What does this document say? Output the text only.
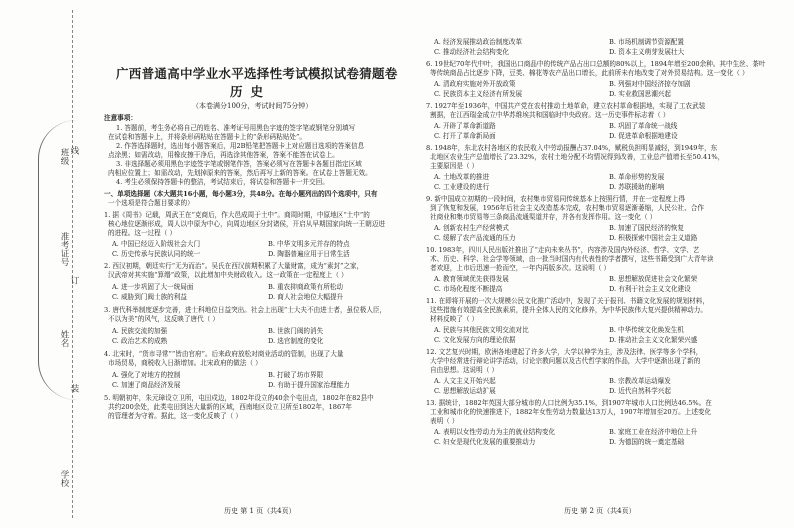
班级
准考证号
姓名
学校
线
订
装
广西普通高中学业水平选择性考试模拟试卷猜题卷
历史
（本卷满分100分，考试时间75分钟）
注意事项：
1. 答题前，考生务必将自己的姓名、准考证号用黑色字迹的签字笔或钢笔分别填写
在试卷和答题卡上，并将条形码粘贴在答题卡上的“条形码粘贴处”。
2. 作答选择题时，选出每小题答案后，用2B铅笔把答题卡上对应题目选项的答案信息
点涂黑；如需改动，用橡皮擦干净后，再选涂其他答案，答案不能答在试卷上。
3. 非选择题必须用黑色字迹签字笔或钢笔作答，答案必须写在答题卡各题目指定区域
内相应位置上；如需改动，先划掉原来的答案，然后再写上新的答案。在试卷上答题无效。
4. 考生必须保持答题卡的整洁，考试结束后，将试卷和答题卡一并交回。
一、单项选择题（本大题共16小题，每小题3分，共48分。在每小题列出的四个选项中，只有
一个选项是符合题目要求的）
1. 据《周书》记载，周武王在“克商后，作大邑成周于土中”。商周时期，中原地区“土中”的
核心地位逐渐形成，周人以中原为中心，向周边地区分封诸侯，开启从早期国家向统一王朝迈进
的进程。这一过程（ ）
A. 中国已经迈入阶级社会大门	B. 中华文明多元并存的特点
C. 历史传承与民族认同的统一	D. 陶器普遍应用于日常生活
2. 西汉初期，朝廷实行“无为而治”。吴氏在西汉前期积累了大量财富，成为“素封”之家，
汉武帝对其实施“算缗”政策，以此增加中央财政收入。这一政策在一定程度上（ ）
A. 进一步巩固了大一统局面	B. 重农抑商政策有所松动
C. 威胁到门阀士族的利益	D. 商人社会地位大幅提升
3. 唐代科举制度逐步完善，进士科地位日益突出。社会上出现“士大夫不由进士者，虽位极人臣，
不以为美”的风气，这反映了唐代（ ）
A. 民族交流的加强	B. 世族门阀的消失
C. 政治艺术的成熟	D. 选官制度的变化
4. 北宋时，“货市寻常”“皆由官府”。后来政府放松对商业活动的管制，出现了大量
市场贸易，商税收入日渐增加。北宋政府的做法（ ）
A. 强化了对地方的控制	B. 打破了坊市界限
C. 加速了商品经济发展	D. 有助于提升国家治理能力
5. 明朝初年，朱元璋设立卫所，屯田戍边，1802年设立的40余个屯田点，1802年在82县中
共约200余处，此类屯田到达大量新的区域，西南地区设立卫所至1802年，1867年
的管理者为守着。据此，这一变化反映了（ ）
历史 第 1 页（共4页）
A. 经济发展推动政治制度改革	B. 市场机制调节资源配置
C. 推动经济社会结构变化	D. 资本主义萌芽发展壮大
6. 19世纪70年代中叶，我国出口商品中的传统产品占出口总额的80%以上，1894年增至200余种。其中生丝、茶叶
等传统商品占比逐步下降，豆类、棉花等农产品出口增长，此前所未有地改变了对外贸易结构。这一变化（ ）
A. 清政府实施对外开放政策	B. 列强对中国经济掠夺加剧
C. 民族资本主义经济有所发展	D. 实业救国思潮兴起
7. 1927年至1936年，中国共产党在农村推动土地革命，建立农村革命根据地，实现了工农武装
割据，在江西瑞金成立中华苏维埃共和国临时中央政府。这一历史事件标志着（ ）
A. 开辟了革命新道路	B. 巩固了革命统一战线
C. 打开了革命新局面	D. 促进革命根据地建设
8. 1948年，东北农村各地区的农民收入中劳动报酬占37.04%，赋税负担明显减轻，到1949年，东
北地区农业生产总值增长了23.32%，农村土地分配不均情况得到改善，工业总产值增长至50.41%，
主要原因是（ ）
A. 土地改革的推进	B. 革命形势的发展
C. 工业建设的进行	D. 苏联援助的影响
9. 新中国成立初期的一段时间，农村集市贸易同传统基本上按照行情，并在一定程度上得
到了恢复和发展，1956年后社会主义改造基本完成，农村集市贸易逐渐萎缩，人民公社、合作
社商业和集市贸易等三条商品流通渠道并存，并各有发挥作用。这一变化（ ）
A. 创新农村生产经营模式	B. 加速了国民经济的恢复
C. 缓解了农产品流通的压力	D. 积极探索中国社会主义道路
10. 1983年，四川人民出版社推出了“走向未来丛书”，内容涉及国内外经济、哲学、文学、艺
术、历史、科学、社会学等领域，由一批当时国内有代表性的学者撰写，这些书籍受到广大青年读
者欢迎，上市后迅速一抢而空，一年内再版多次。这说明（ ）
A. 教育领域优先获得发展	B. 思想解放促进社会文化繁荣
C. 市场化程度不断提高	D. 有利于社会主义文化建设
11. 在即将开展的一次大规模公民文化推广活动中，发现了关于报刊、书籍文化发展的规划材料，
这些措施有效提高全民族素质，提升全体人民的文化修养，为中华民族伟大复兴提供精神动力。
材料反映了（ ）
A. 民族与其他民族文明交流对比	B. 中华传统文化焕发生机
C. 文化发展方向的理论依据	D. 推动社会主义文化繁荣兴盛
12. 文艺复兴时期，欧洲各地建起了许多大学，大学以神学为主，涉及法律、医学等多个学科，
大学中经常进行辩论讲学活动，讨论宗教问题以及古代哲学家的作品，大学中逐渐出现了新的
自由思想。这说明（ ）
A. 人文主义开始兴起	B. 宗教改革运动爆发
C. 思想解放运动扩展	D. 近代自然科学兴起
13. 据统计，1882年英国大部分城市的人口比例为35.1%，到1907年城市人口比例达46.5%。在
工业和城市化的快速推进下，1882年女性劳动力数量达13万人，1907年增加至20万。上述变化
表明（ ）
A. 表明以女性劳动力为主的就业结构变化	B. 家庭工业在经济中地位上升
C. 妇女是现代化发展的重要推动力	D. 为德国的统一奠定基础
历史 第 2 页（共4页）
